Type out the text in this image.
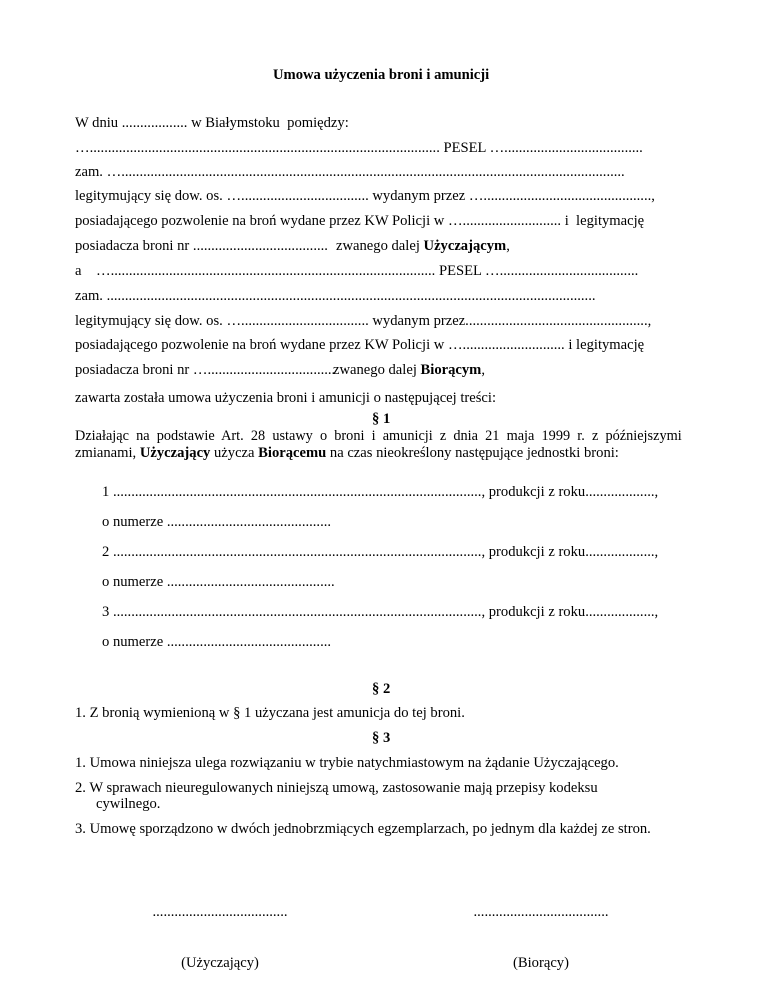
Umowa użyczenia broni i amunicji
W dniu .................. w Białymstoku  pomiędzy:
…................................................................................................ PESEL …......................................
zam. …..........................................................................................................................................
legitymujący się dow. os. …................................... wydanym przez …..............................................,
posiadającego pozwolenie na broń wydane przez KW Policji w …........................... i  legitymację
posiadacza broni nr ..................................... zwanego dalej Użyczającym,
a …......................................................................................... PESEL …......................................
zam. ......................................................................................................................................
legitymujący się dow. os. …................................... wydanym przez..................................................,
posiadającego pozwolenie na broń wydane przez KW Policji w …............................ i legitymację
posiadacza broni nr …...................................
zwanego dalej Biorącym,
zawarta została umowa użyczenia broni i amunicji o następującej treści:
§ 1
Działając  na  podstawie  Art.  28  ustawy  o  broni  i  amunicji  z  dnia  21  maja  1999  r.  z  późniejszymi
zmianami, Użyczający użycza Biorącemu na czas nieokreślony następujące jednostki broni:
1 ....................................................................................................., produkcji z roku...................,
o numerze .............................................
2 ....................................................................................................., produkcji z roku...................,
o numerze ..............................................
3 ....................................................................................................., produkcji z roku...................,
o numerze .............................................
§ 2
1. Z bronią wymienioną w § 1 użyczana jest amunicja do tej broni.
§ 3
1. Umowa niniejsza ulega rozwiązaniu w trybie natychmiastowym na żądanie Użyczającego.
2. W sprawach nieuregulowanych niniejszą umową, zastosowanie mają przepisy kodeksu
cywilnego.
3. Umowę sporządzono w dwóch jednobrzmiących egzemplarzach, po jednym dla każdej ze stron.

.....................................

(Użyczający)

.....................................

(Biorący)
